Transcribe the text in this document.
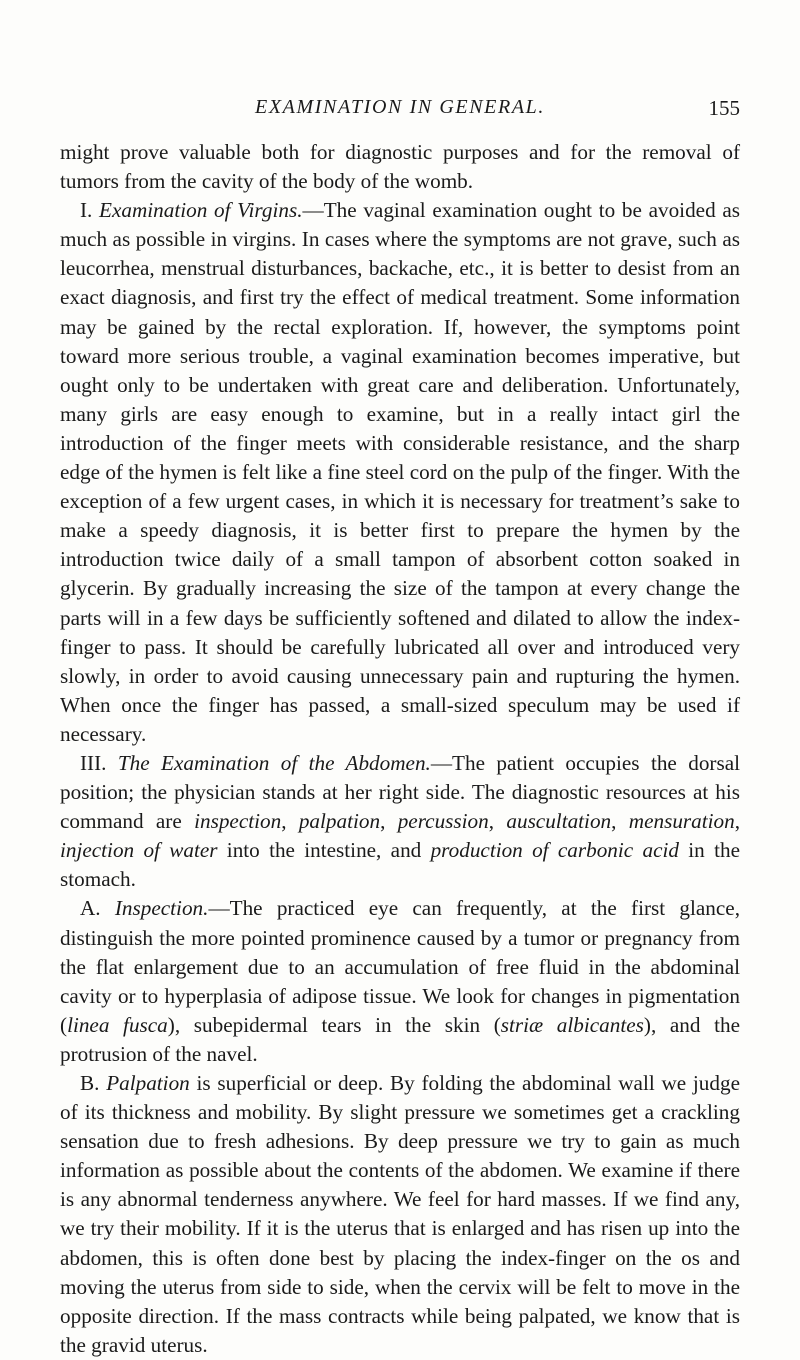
EXAMINATION IN GENERAL.	155

might prove valuable both for diagnostic purposes and for the removal of tumors from the cavity of the body of the womb.

I. Examination of Virgins.—The vaginal examination ought to be avoided as much as possible in virgins. In cases where the symptoms are not grave, such as leucorrhea, menstrual disturbances, backache, etc., it is better to desist from an exact diagnosis, and first try the effect of medical treatment. Some information may be gained by the rectal exploration. If, however, the symptoms point toward more serious trouble, a vaginal examination becomes imperative, but ought only to be undertaken with great care and deliberation. Unfortunately, many girls are easy enough to examine, but in a really intact girl the introduction of the finger meets with considerable resistance, and the sharp edge of the hymen is felt like a fine steel cord on the pulp of the finger. With the exception of a few urgent cases, in which it is necessary for treatment’s sake to make a speedy diagnosis, it is better first to prepare the hymen by the introduction twice daily of a small tampon of absorbent cotton soaked in glycerin. By gradually increasing the size of the tampon at every change the parts will in a few days be sufficiently softened and dilated to allow the index-finger to pass. It should be carefully lubricated all over and introduced very slowly, in order to avoid causing unnecessary pain and rupturing the hymen. When once the finger has passed, a small-sized speculum may be used if necessary.

III. The Examination of the Abdomen.—The patient occupies the dorsal position; the physician stands at her right side. The diagnostic resources at his command are inspection, palpation, percussion, auscultation, mensuration, injection of water into the intestine, and production of carbonic acid in the stomach.

A. Inspection.—The practiced eye can frequently, at the first glance, distinguish the more pointed prominence caused by a tumor or pregnancy from the flat enlargement due to an accumulation of free fluid in the abdominal cavity or to hyperplasia of adipose tissue. We look for changes in pigmentation (linea fusca), subepidermal tears in the skin (striæ albicantes), and the protrusion of the navel.

B. Palpation is superficial or deep. By folding the abdominal wall we judge of its thickness and mobility. By slight pressure we sometimes get a crackling sensation due to fresh adhesions. By deep pressure we try to gain as much information as possible about the contents of the abdomen. We examine if there is any abnormal tenderness anywhere. We feel for hard masses. If we find any, we try their mobility. If it is the uterus that is enlarged and has risen up into the abdomen, this is often done best by placing the index-finger on the os and moving the uterus from side to side, when the cervix will be felt to move in the opposite direction. If the mass contracts while being palpated, we know that is the gravid uterus.
